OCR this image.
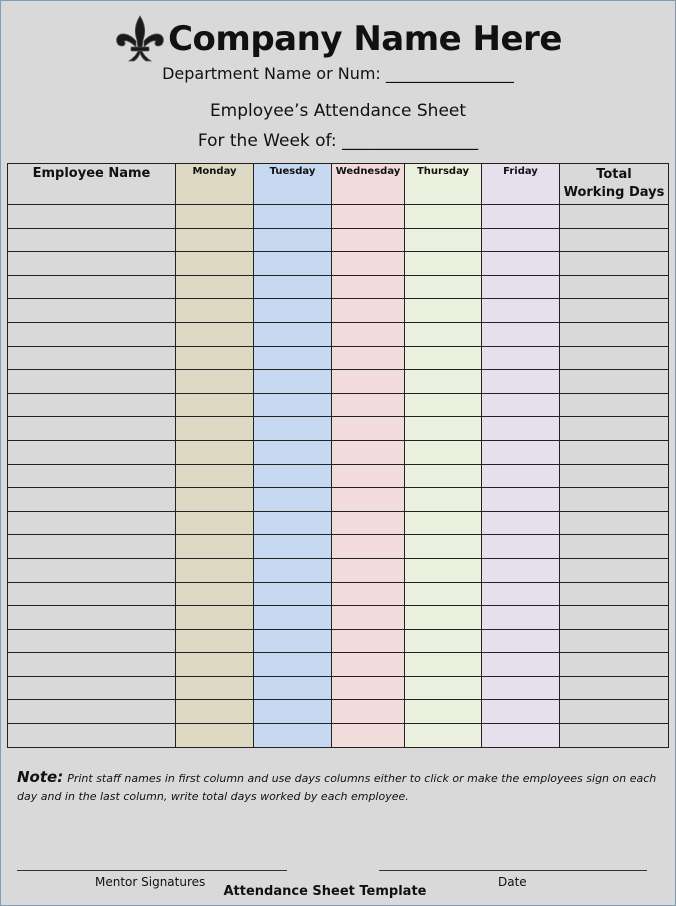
Company Name Here
Department Name or Num: ________________
Employee’s Attendance Sheet
For the Week of: ________________
Employee Name	Monday	Tuesday	Wednesday	Thursday	Friday	Total
Working Days

Note: Print staff names in first column and use days columns either to click or make the employees sign on each day and in the last column, write total days worked by each employee.
Mentor Signatures	Date
Attendance Sheet Template
